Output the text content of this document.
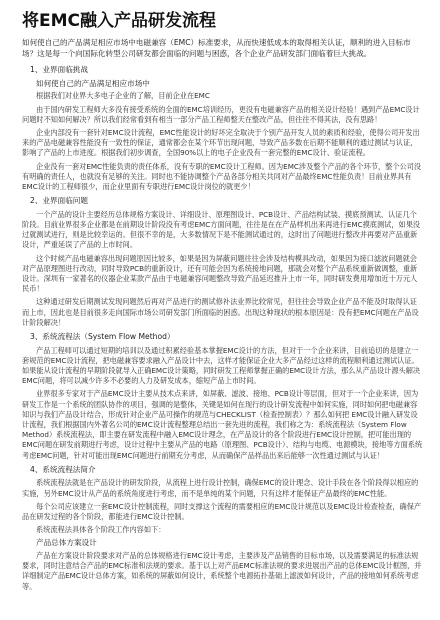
将EMC融入产品研发流程
如何使自己的产品满足相应市场中电磁兼容（EMC）标准要求，从而快速低成本的取得相关认证，顺利的进入目标市场？这是每一个向国际化转型公司研发都会面临的问题与困惑，各个企业产品研发部门面临着巨大挑战。
1、业界面临挑战
如何使自己的产品满足相应市场中
根据我们对业界大多电子企业的了解，目前企业在EMC
由于国内研发工程师大多没有接受系统的全面的EMC培训经历，更没有电磁兼容产品的相关设计经验！遇到产品EMC设计问题时不知如何解决？所以我们经常看到有相当一部分产品工程师整天在整改产品，但往往不得其法，没有思路！
企业内部没有一套针对EMC设计流程，EMC性能设计的好坏完全取决于个别产品开发人员的素质和经验，使得公司开发出来的产品电磁兼容性能没有一致性的保证，通常都会在某个环节出现问题，导致产品多数在后期不能顺利的通过测试与认证，影响了产品的上市进度。根据我们初步调查，全国90%以上的电子企业没有一套完整的EMC设计、验证流程。
企业没有一套对EMC性能负责的责任体系，没有专职的EMC设计工程师。因为EMC涉及整个产品的各个环节，整个公司没有明确的责任人，也就没有足够的关注。同时也不能协调整个产品各部分相关共同对产品最终EMC性能负责！目前业界具有EMC设计的工程师很少，而企业里面有专职进行EMC设计岗位的就更少！
2、业界面临问题
一个产品的设计主要经历总体规格方案设计、详细设计、原理图设计、PCB设计、产品结构试装、摸底预测试、认证几个阶段。目前业界很多企业都是在前期设计阶段没有考虑EMC方面问题，往往是在在产品样机出来再进行EMC摸底测试，如果没过就测试进行，则是比较幸运的。但很不幸的是，大多数情况下是不能测试通过的，这时出了问题进行整改并再要对产品重新设计，严重延误了产品的上市时间。
这个时候产品电磁兼容出现问题原因比较多，如果是因为屏蔽问题往往会涉及结构模具改动，如果因为接口滤波问题就会对产品原理图进行改动，同时导致PCB的重新设计，还有可能会因为系统接地问题，那就会对整个产品系统重新做调整，重新设计。深圳有一家著名的仪器企业某款产品由于电磁兼容问题整改导致产品延迟推升上市一年，同时研发费用增加近十万元人民币！
这种通过研发后期测试发现问题然后再对产品进行的测试修补法业界比较常见，但往往会导致企业产品不能及时取得认证而上市，因此也是目前很多走向国际市场公司研发部门所面临的困惑。出现这种现状的根本原因是：没有把EMC问题在产品设计阶段解决！
3、系统流程法（System Flow Method）
产品工程师可以通过短期的培训以及通过积累经验基本掌握EMC设计的方法，但对于一个企业来讲，目前追切的是建立一套规范的EMC设计流程，把电磁兼容要求融入产品设计中去，这样才能保证企业大多产品经过这样的流程顺利通过测试认证。如果能从设计流程的早期阶段就导入正确EMC设计策略，同时研发工程师掌握正确的EMC设计方法，那么从产品设计源头解决EMC问题，将可以减少许多不必要的人力及研发成本，缩短产品上市时间。
业界很多专家对于产品EMC设计主要从技术点来讲，如屏蔽、滤波、接地、PCB设计等层面，但对于一个企业来讲，因为研发工作是一个系统的团队协作的项目，强调的是整体，关键是如何在现行的设计研发流程中如何实施，同时如何把电磁兼容知识与我们产品设计结合，形成针对企业产品可操作的规范与CHECKLIST（检查控制表）？那么如何把 EMC设计融入研发设计流程，我们根据国内外著名公司的EMC设计流程整理总结出一套先进的流程，我们称之为：系统流程法（System Flow Method）系统流程法，即主要在研发流程中融入EMC设计理念，在产品设计的各个阶段进行EMC设计控制，把可能出现的EMC问题在研发前期进行考虑，设计过程中主要从产品的电路（原理图、PCB设计）、结构与电缆、电源模块，接地等方面系统考虑EMC问题，针对可能出现EMC问题进行前期充分考虑，从而确保产品样品出来后能够一次性通过测试与认证！
4、系统流程法简介
系统流程法就是在产品设计的研发阶段，从流程上进行设计控制，确保EMC的设计理念、设计手段在各个阶段得以相应的实施，另外EMC设计从产品的系统角度进行考虑，而不是单纯的某个问题，只有这样才能保证产品最终的EMC性能。
每个公司应该建立一套EMC设计控制流程，同时支撑这个流程的需要相应的EMC设计规范以及EMC设计检查检查，确保产品在研发过程的各个阶段，都能进行EMC设计控制。
系统流程法具体各个阶段工作内容如下：
产品总体方案设计
产品在方案设计阶段要求对产品的总体规格进行EMC设计考虑，主要涉及产品销售的目标市场，以及需要满足的标准法规要求，同时注意结合产品的EMC标准和法规的要求。基于以上对产品EMC标准法规的要求进展出产品的总体EMC设计框图，并详细制定产品EMC设计总体方案，如系统的屏蔽如何设计，系统整个电源拓扑基础上滤波如何设计，产品的接地如何系统考虑等。
